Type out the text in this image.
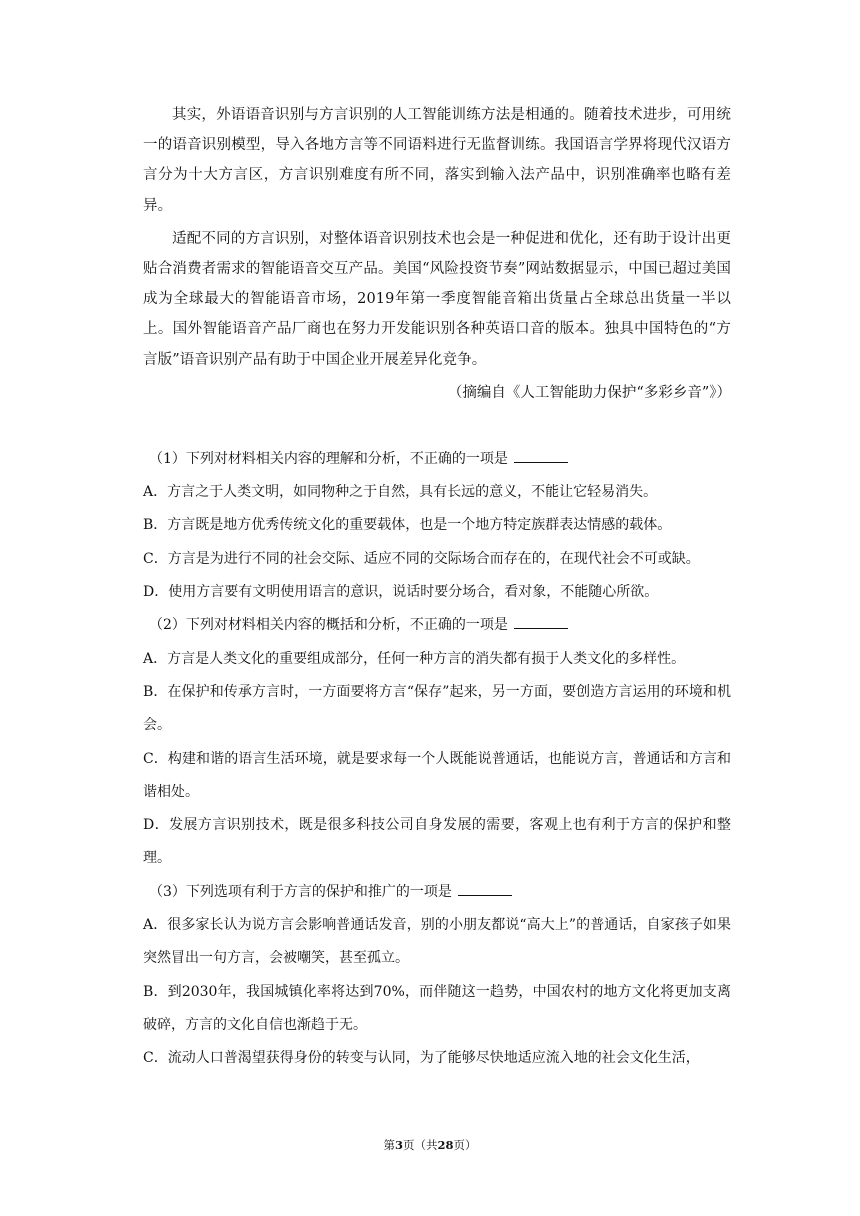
其实，外语语音识别与方言识别的人工智能训练方法是相通的。随着技术进步，可用统一的语音识别模型，导入各地方言等不同语料进行无监督训练。我国语言学界将现代汉语方言分为十大方言区，方言识别难度有所不同，落实到输入法产品中，识别准确率也略有差异。

适配不同的方言识别，对整体语音识别技术也会是一种促进和优化，还有助于设计出更贴合消费者需求的智能语音交互产品。美国“风险投资节奏”网站数据显示，中国已超过美国成为全球最大的智能语音市场，2019年第一季度智能音箱出货量占全球总出货量一半以上。国外智能语音产品厂商也在努力开发能识别各种英语口音的版本。独具中国特色的“方言版”语音识别产品有助于中国企业开展差异化竞争。

（摘编自《人工智能助力保护“多彩乡音”》）

（1）下列对材料相关内容的理解和分析，不正确的一项是

A．方言之于人类文明，如同物种之于自然，具有长远的意义，不能让它轻易消失。

B．方言既是地方优秀传统文化的重要载体，也是一个地方特定族群表达情感的载体。

C．方言是为进行不同的社会交际、适应不同的交际场合而存在的，在现代社会不可或缺。

D．使用方言要有文明使用语言的意识，说话时要分场合，看对象，不能随心所欲。

（2）下列对材料相关内容的概括和分析，不正确的一项是

A．方言是人类文化的重要组成部分，任何一种方言的消失都有损于人类文化的多样性。

B．在保护和传承方言时，一方面要将方言“保存”起来，另一方面，要创造方言运用的环境和机会。

C．构建和谐的语言生活环境，就是要求每一个人既能说普通话，也能说方言，普通话和方言和谐相处。

D．发展方言识别技术，既是很多科技公司自身发展的需要，客观上也有利于方言的保护和整理。

（3）下列选项有利于方言的保护和推广的一项是

A．很多家长认为说方言会影响普通话发音，别的小朋友都说“高大上”的普通话，自家孩子如果突然冒出一句方言，会被嘲笑，甚至孤立。

B．到2030年，我国城镇化率将达到70%，而伴随这一趋势，中国农村的地方文化将更加支离破碎，方言的文化自信也渐趋于无。

C．流动人口普渴望获得身份的转变与认同，为了能够尽快地适应流入地的社会文化生活，

第3页（共28页）
